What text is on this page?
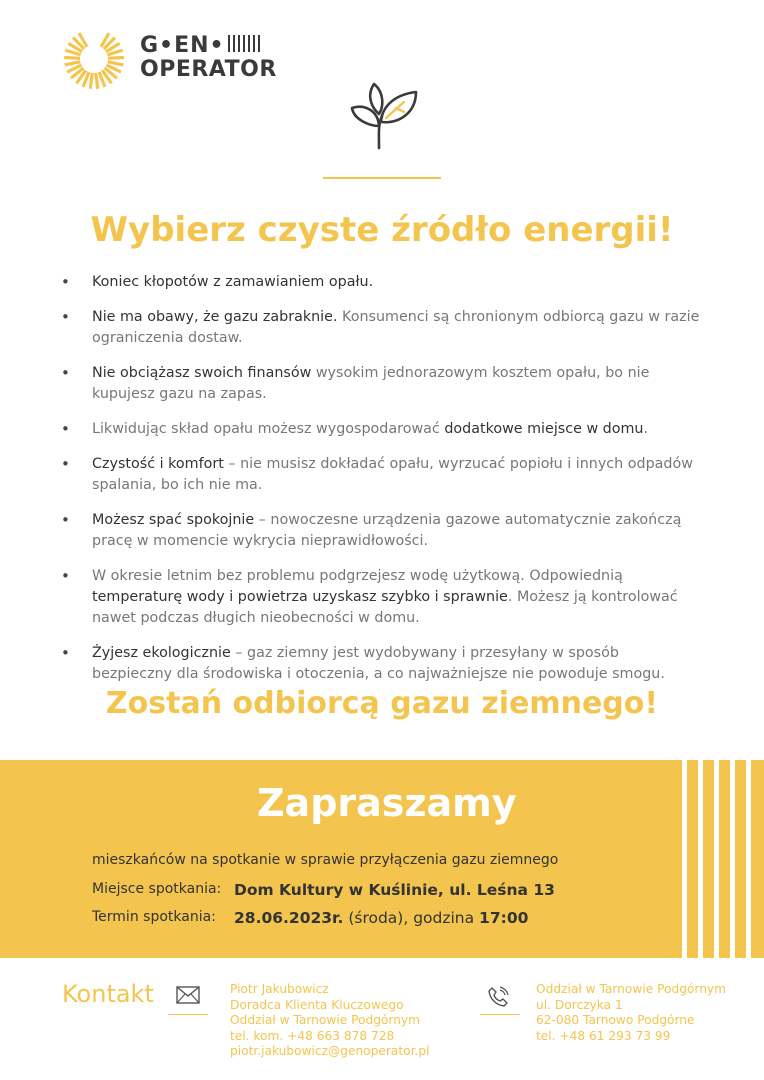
G•EN•
OPERATOR
Wybierz czyste źródło energii!
• Koniec kłopotów z zamawianiem opału.
• Nie ma obawy, że gazu zabraknie. Konsumenci są chronionym odbiorcą gazu w razie ograniczenia dostaw.
• Nie obciążasz swoich finansów wysokim jednorazowym kosztem opału, bo nie kupujesz gazu na zapas.
• Likwidując skład opału możesz wygospodarować dodatkowe miejsce w domu.
• Czystość i komfort – nie musisz dokładać opału, wyrzucać popiołu i innych odpadów spalania, bo ich nie ma.
• Możesz spać spokojnie – nowoczesne urządzenia gazowe automatycznie zakończą pracę w momencie wykrycia nieprawidłowości.
• W okresie letnim bez problemu podgrzejesz wodę użytkową. Odpowiednią temperaturę wody i powietrza uzyskasz szybko i sprawnie. Możesz ją kontrolować nawet podczas długich nieobecności w domu.
• Żyjesz ekologicznie – gaz ziemny jest wydobywany i przesyłany w sposób bezpieczny dla środowiska i otoczenia, a co najważniejsze nie powoduje smogu.
Zostań odbiorcą gazu ziemnego!
Zapraszamy
mieszkańców na spotkanie w sprawie przyłączenia gazu ziemnego
Miejsce spotkania: Dom Kultury w Kuślinie, ul. Leśna 13
Termin spotkania: 28.06.2023r. (środa), godzina 17:00
Kontakt	Piotr Jakubowicz
Doradca Klienta Kluczowego
Oddział w Tarnowie Podgórnym
tel. kom. +48 663 878 728
piotr.jakubowicz@genoperator.pl
Oddział w Tarnowie Podgórnym
ul. Dorczyka 1
62-080 Tarnowo Podgórne
tel. +48 61 293 73 99
